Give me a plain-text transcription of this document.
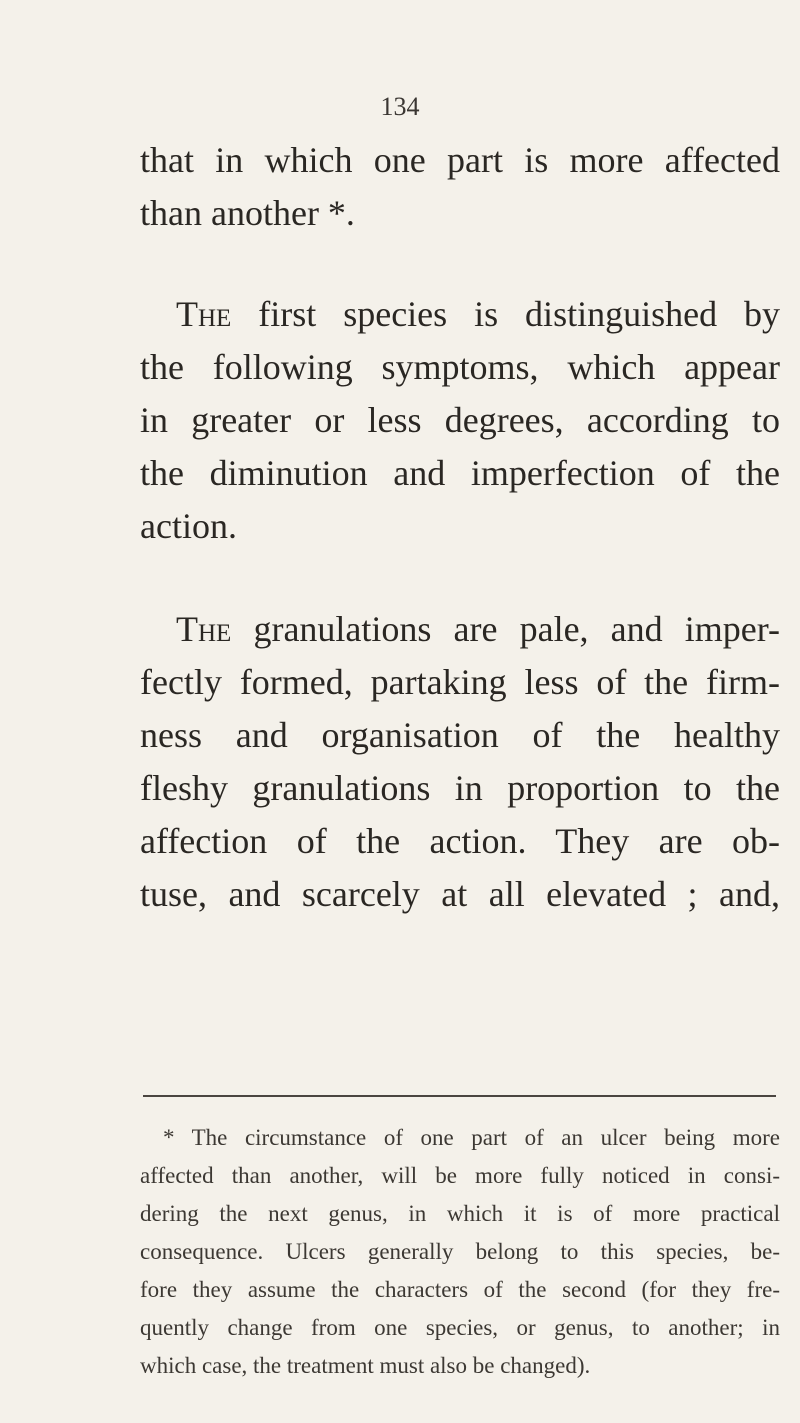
134
that in which one part is more affected
than another *.
The first species is distinguished by
the following symptoms, which appear
in greater or less degrees, according to
the diminution and imperfection of the
action.
The granulations are pale, and imper-
fectly formed, partaking less of the firm-
ness and organisation of the healthy
fleshy granulations in proportion to the
affection of the action. They are ob-
tuse, and scarcely at all elevated ; and,
* The circumstance of one part of an ulcer being more
affected than another, will be more fully noticed in consi-
dering the next genus, in which it is of more practical
consequence. Ulcers generally belong to this species, be-
fore they assume the characters of the second (for they fre-
quently change from one species, or genus, to another; in
which case, the treatment must also be changed).
